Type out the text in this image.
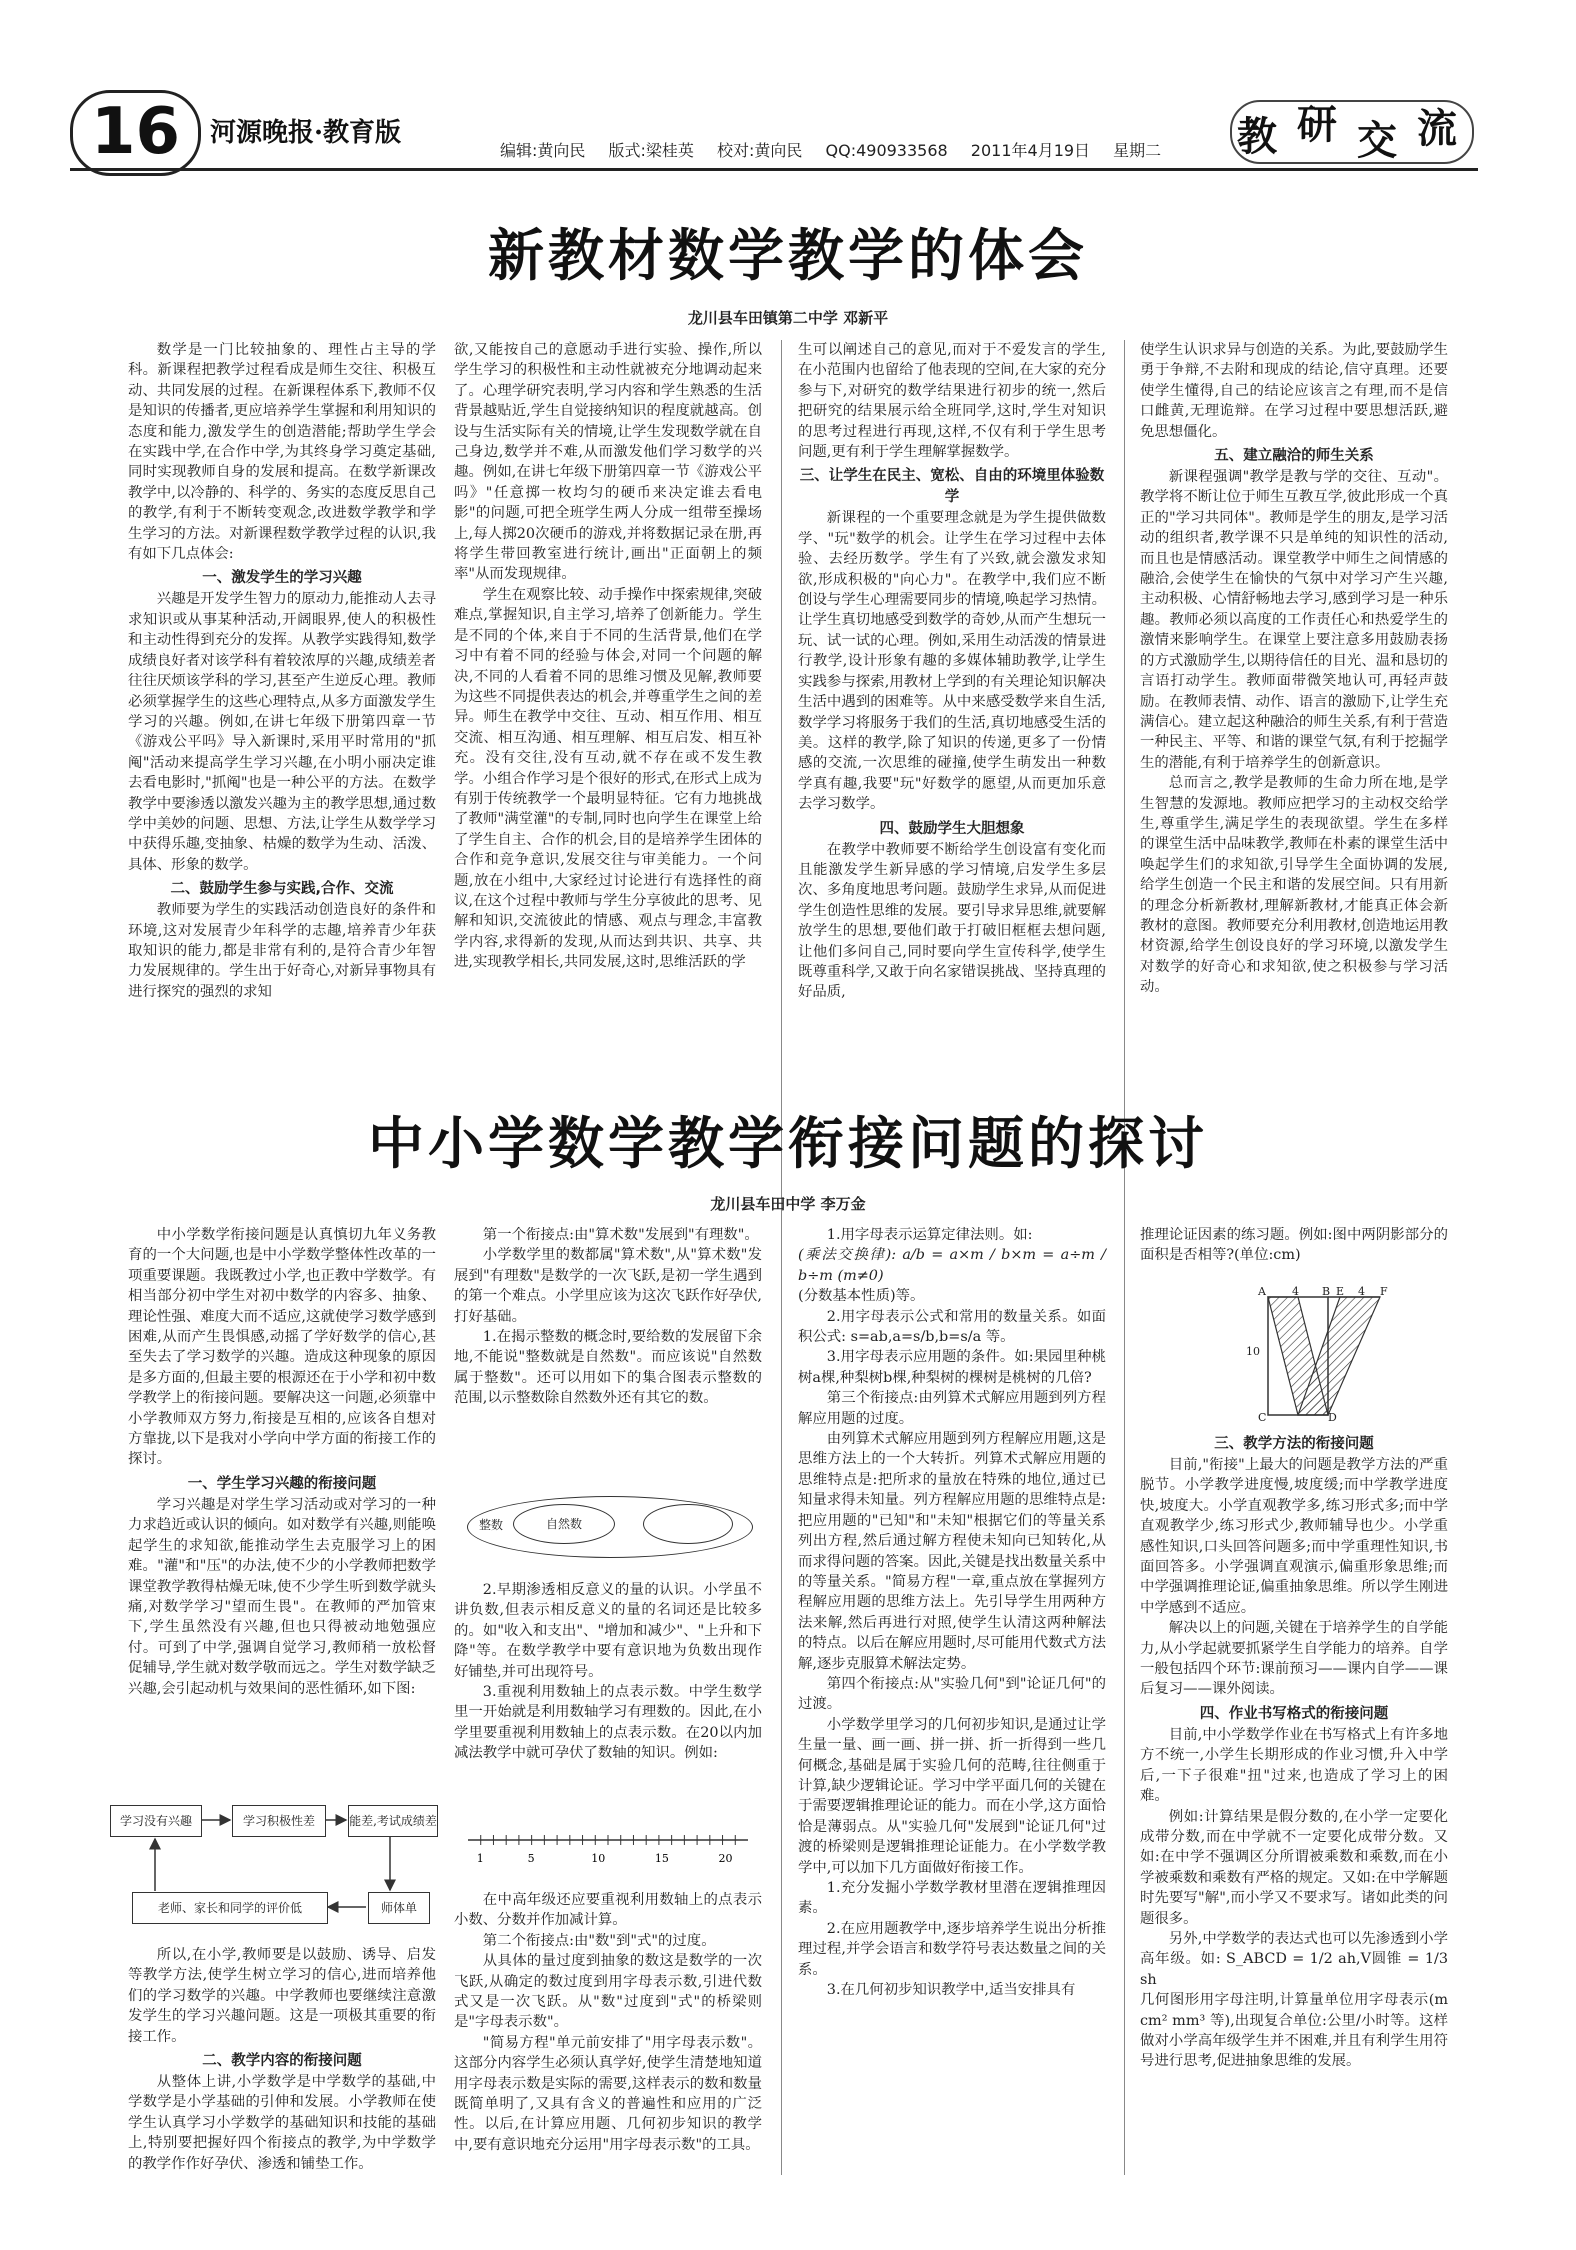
16	河源晚报·教育版
编辑:黄向民 版式:梁桂英 校对:黄向民 QQ:490933568 2011年4月19日 星期二	教 研 交 流
新教材数学教学的体会
龙川县车田镇第二中学 邓新平

数学是一门比较抽象的、理性占主导的学科。新课程把教学过程看成是师生交往、积极互动、共同发展的过程。在新课程体系下,教师不仅是知识的传播者,更应培养学生掌握和利用知识的态度和能力,激发学生的创造潜能;帮助学生学会在实践中学,在合作中学,为其终身学习奠定基础,同时实现教师自身的发展和提高。在数学新课改教学中,以冷静的、科学的、务实的态度反思自己的教学,有利于不断转变观念,改进数学教学和学生学习的方法。对新课程数学教学过程的认识,我有如下几点体会:

一、激发学生的学习兴趣

兴趣是开发学生智力的原动力,能推动人去寻求知识或从事某种活动,开阔眼界,使人的积极性和主动性得到充分的发挥。从教学实践得知,数学成绩良好者对该学科有着较浓厚的兴趣,成绩差者往往厌烦该学科的学习,甚至产生逆反心理。教师必须掌握学生的这些心理特点,从多方面激发学生学习的兴趣。例如,在讲七年级下册第四章一节《游戏公平吗》导入新课时,采用平时常用的"抓阄"活动来提高学生学习兴趣,在小明小丽决定谁去看电影时,"抓阄"也是一种公平的方法。在数学教学中要渗透以激发兴趣为主的教学思想,通过数学中美妙的问题、思想、方法,让学生从数学学习中获得乐趣,变抽象、枯燥的数学为生动、活泼、具体、形象的数学。

二、鼓励学生参与实践,合作、交流

教师要为学生的实践活动创造良好的条件和环境,这对发展青少年科学的志趣,培养青少年获取知识的能力,都是非常有利的,是符合青少年智力发展规律的。学生出于好奇心,对新异事物具有进行探究的强烈的求知

欲,又能按自己的意愿动手进行实验、操作,所以学生学习的积极性和主动性就被充分地调动起来了。心理学研究表明,学习内容和学生熟悉的生活背景越贴近,学生自觉接纳知识的程度就越高。创设与生活实际有关的情境,让学生发现数学就在自己身边,数学并不难,从而激发他们学习数学的兴趣。例如,在讲七年级下册第四章一节《游戏公平吗》"任意掷一枚均匀的硬币来决定谁去看电影"的问题,可把全班学生两人分成一组带至操场上,每人掷20次硬币的游戏,并将数据记录在册,再将学生带回教室进行统计,画出"正面朝上的频率"从而发现规律。

学生在观察比较、动手操作中探索规律,突破难点,掌握知识,自主学习,培养了创新能力。学生是不同的个体,来自于不同的生活背景,他们在学习中有着不同的经验与体会,对同一个问题的解决,不同的人看着不同的思维习惯及见解,教师要为这些不同提供表达的机会,并尊重学生之间的差异。师生在教学中交往、互动、相互作用、相互交流、相互沟通、相互理解、相互启发、相互补充。没有交往,没有互动,就不存在或不发生教学。小组合作学习是个很好的形式,在形式上成为有别于传统教学一个最明显特征。它有力地挑战了教师"满堂灌"的专制,同时也向学生在课堂上给了学生自主、合作的机会,目的是培养学生团体的合作和竞争意识,发展交往与审美能力。一个问题,放在小组中,大家经过讨论进行有选择性的商议,在这个过程中教师与学生分享彼此的思考、见解和知识,交流彼此的情感、观点与理念,丰富教学内容,求得新的发现,从而达到共识、共享、共进,实现教学相长,共同发展,这时,思维活跃的学

生可以阐述自己的意见,而对于不爱发言的学生,在小范围内也留给了他表现的空间,在大家的充分参与下,对研究的数学结果进行初步的统一,然后把研究的结果展示给全班同学,这时,学生对知识的思考过程进行再现,这样,不仅有利于学生思考问题,更有利于学生理解掌握数学。

三、让学生在民主、宽松、自由的环境里体验数学

新课程的一个重要理念就是为学生提供做数学、"玩"数学的机会。让学生在学习过程中去体验、去经历数学。学生有了兴致,就会激发求知欲,形成积极的"向心力"。在教学中,我们应不断创设与学生心理需要同步的情境,唤起学习热情。让学生真切地感受到数学的奇妙,从而产生想玩一玩、试一试的心理。例如,采用生动活泼的情景进行教学,设计形象有趣的多媒体辅助教学,让学生实践参与探索,用教材上学到的有关理论知识解决生活中遇到的困难等。从中来感受数学来自生活,数学学习将服务于我们的生活,真切地感受生活的美。这样的教学,除了知识的传递,更多了一份情感的交流,一次思维的碰撞,使学生萌发出一种数学真有趣,我要"玩"好数学的愿望,从而更加乐意去学习数学。

四、鼓励学生大胆想象

在教学中教师要不断给学生创设富有变化而且能激发学生新异感的学习情境,启发学生多层次、多角度地思考问题。鼓励学生求异,从而促进学生创造性思维的发展。要引导求异思维,就要解放学生的思想,要他们敢于打破旧框框去想问题,让他们多问自己,同时要向学生宣传科学,使学生既尊重科学,又敢于向名家错误挑战、坚持真理的好品质,

使学生认识求异与创造的关系。为此,要鼓励学生勇于争辩,不去附和现成的结论,信守真理。还要使学生懂得,自己的结论应该言之有理,而不是信口雌黄,无理诡辩。在学习过程中要思想活跃,避免思想僵化。

五、建立融洽的师生关系

新课程强调"教学是教与学的交往、互动"。教学将不断让位于师生互教互学,彼此形成一个真正的"学习共同体"。教师是学生的朋友,是学习活动的组织者,教学课不只是单纯的知识性的活动,而且也是情感活动。课堂教学中师生之间情感的融洽,会使学生在愉快的气氛中对学习产生兴趣,主动积极、心情舒畅地去学习,感到学习是一种乐趣。教师必须以高度的工作责任心和热爱学生的激情来影响学生。在课堂上要注意多用鼓励表扬的方式激励学生,以期待信任的目光、温和恳切的言语打动学生。教师面带微笑地认可,再轻声鼓励。在教师表情、动作、语言的激励下,让学生充满信心。建立起这种融洽的师生关系,有利于营造一种民主、平等、和谐的课堂气氛,有利于挖掘学生的潜能,有利于培养学生的创新意识。

总而言之,教学是教师的生命力所在地,是学生智慧的发源地。教师应把学习的主动权交给学生,尊重学生,满足学生的表现欲望。学生在多样的课堂生活中品味教学,教师在朴素的课堂生活中唤起学生们的求知欲,引导学生全面协调的发展,给学生创造一个民主和谐的发展空间。只有用新的理念分析新教材,理解新教材,才能真正体会新教材的意图。教师要充分利用教材,创造地运用教材资源,给学生创设良好的学习环境,以激发学生对数学的好奇心和求知欲,使之积极参与学习活动。

中小学数学教学衔接问题的探讨
龙川县车田中学 李万金

中小学数学衔接问题是认真慎切九年义务教育的一个大问题,也是中小学数学整体性改革的一项重要课题。我既教过小学,也正教中学数学。有相当部分初中学生对初中数学的内容多、抽象、理论性强、难度大而不适应,这就使学习数学感到困难,从而产生畏惧感,动摇了学好数学的信心,甚至失去了学习数学的兴趣。造成这种现象的原因是多方面的,但最主要的根源还在于小学和初中数学教学上的衔接问题。要解决这一问题,必须靠中小学教师双方努力,衔接是互相的,应该各自想对方靠拢,以下是我对小学向中学方面的衔接工作的探讨。

一、学生学习兴趣的衔接问题

学习兴趣是对学生学习活动或对学习的一种力求趋近或认识的倾向。如对数学有兴趣,则能唤起学生的求知欲,能推动学生去克服学习上的困难。"灌"和"压"的办法,使不少的小学教师把数学课堂教学教得枯燥无味,使不少学生听到数学就头痛,对数学学习"望而生畏"。在教师的严加管束下,学生虽然没有兴趣,但也只得被动地勉强应付。可到了中学,强调自觉学习,教师稍一放松督促辅导,学生就对数学敬而远之。学生对数学缺乏兴趣,会引起动机与效果间的恶性循环,如下图:

学习没有兴趣	学习积极性差	能差,考试成绩差
老师、家长和同学的评价低	师体单

所以,在小学,教师要是以鼓励、诱导、启发等教学方法,使学生树立学习的信心,进而培养他们的学习数学的兴趣。中学教师也要继续注意激发学生的学习兴趣问题。这是一项极其重要的衔接工作。

二、教学内容的衔接问题

从整体上讲,小学数学是中学数学的基础,中学数学是小学基础的引伸和发展。小学教师在使学生认真学习小学数学的基础知识和技能的基础上,特别要把握好四个衔接点的教学,为中学数学的教学作作好孕伏、渗透和铺垫工作。

第一个衔接点:由"算术数"发展到"有理数"。

小学数学里的数都属"算术数",从"算术数"发展到"有理数"是数学的一次飞跃,是初一学生遇到的第一个难点。小学里应该为这次飞跃作好孕伏,打好基础。

1.在揭示整数的概念时,要给数的发展留下余地,不能说"整数就是自然数"。而应该说"自然数属于整数"。还可以用如下的集合图表示整数的范围,以示整数除自然数外还有其它的数。

自然数
整数

2.早期渗透相反意义的量的认识。小学虽不讲负数,但表示相反意义的量的名词还是比较多的。如"收入和支出"、"增加和减少"、"上升和下降"等。在数学教学中要有意识地为负数出现作好铺垫,并可出现符号。

3.重视利用数轴上的点表示数。中学生数学里一开始就是利用数轴学习有理数的。因此,在小学里要重视利用数轴上的点表示数。在20以内加减法教学中就可孕伏了数轴的知识。例如:

1	5	10	15	20

在中高年级还应要重视利用数轴上的点表示小数、分数并作加减计算。

第二个衔接点:由"数"到"式"的过度。

从具体的量过度到抽象的数这是数学的一次飞跃,从确定的数过度到用字母表示数,引进代数式又是一次飞跃。从"数"过度到"式"的桥梁则是"字母表示数"。

"简易方程"单元前安排了"用字母表示数"。这部分内容学生必须认真学好,使学生清楚地知道用字母表示数是实际的需要,这样表示的数和数量既简单明了,又具有含义的普遍性和应用的广泛性。以后,在计算应用题、几何初步知识的教学中,要有意识地充分运用"用字母表示数"的工具。

1.用字母表示运算定律法则。如:

(乘法交换律): a/b = a×m / b×m = a÷m / b÷m (m≠0)

(分数基本性质)等。

2.用字母表示公式和常用的数量关系。如面积公式: s=ab,a=s/b,b=s/a 等。

3.用字母表示应用题的条件。如:果园里种桃树a棵,种梨树b棵,种梨树的棵树是桃树的几倍?

第三个衔接点:由列算术式解应用题到列方程解应用题的过度。

由列算术式解应用题到列方程解应用题,这是思维方法上的一个大转折。列算术式解应用题的思维特点是:把所求的量放在特殊的地位,通过已知量求得未知量。列方程解应用题的思维特点是:把应用题的"已知"和"未知"根据它们的等量关系列出方程,然后通过解方程使未知向已知转化,从而求得问题的答案。因此,关键是找出数量关系中的等量关系。"简易方程"一章,重点放在掌握列方程解应用题的思维方法上。先引导学生用两种方法来解,然后再进行对照,使学生认清这两种解法的特点。以后在解应用题时,尽可能用代数式方法解,逐步克服算术解法定势。

第四个衔接点:从"实验几何"到"论证几何"的过渡。

小学数学里学习的几何初步知识,是通过让学生量一量、画一画、拼一拼、折一折得到一些几何概念,基础是属于实验几何的范畴,往往侧重于计算,缺少逻辑论证。学习中学平面几何的关键在于需要逻辑推理论证的能力。而在小学,这方面恰恰是薄弱点。从"实验几何"发展到"论证几何"过渡的桥梁则是逻辑推理论证能力。在小学数学教学中,可以加下几方面做好衔接工作。

1.充分发掘小学数学教材里潜在逻辑推理因素。

2.在应用题教学中,逐步培养学生说出分析推理过程,并学会语言和数学符号表达数量之间的关系。

3.在几何初步知识教学中,适当安排具有

推理论证因素的练习题。例如:图中两阴影部分的面积是否相等?(单位:cm)

A 4 B E 4 F
10
C	D
三、教学方法的衔接问题

目前,"衔接"上最大的问题是教学方法的严重脱节。小学教学进度慢,坡度缓;而中学教学进度快,坡度大。小学直观教学多,练习形式多;而中学直观教学少,练习形式少,教师辅导也少。小学重感性知识,口头回答问题多;而中学重理性知识,书面回答多。小学强调直观演示,偏重形象思维;而中学强调推理论证,偏重抽象思维。所以学生刚进中学感到不适应。

解决以上的问题,关键在于培养学生的自学能力,从小学起就要抓紧学生自学能力的培养。自学一般包括四个环节:课前预习——课内自学——课后复习——课外阅读。

四、作业书写格式的衔接问题

目前,中小学数学作业在书写格式上有许多地方不统一,小学生长期形成的作业习惯,升入中学后,一下子很难"扭"过来,也造成了学习上的困难。

例如:计算结果是假分数的,在小学一定要化成带分数,而在中学就不一定要化成带分数。又如:在中学不强调区分所谓被乘数和乘数,而在小学被乘数和乘数有严格的规定。又如:在中学解题时先要写"解",而小学又不要求写。诸如此类的问题很多。

另外,中学数学的表达式也可以先渗透到小学高年级。如: S_ABCD = 1/2 ah,V圆锥 = 1/3 sh

几何图形用字母注明,计算量单位用字母表示(m cm² mm³ 等),出现复合单位:公里/小时等。这样做对小学高年级学生并不困难,并且有利学生用符号进行思考,促进抽象思维的发展。
